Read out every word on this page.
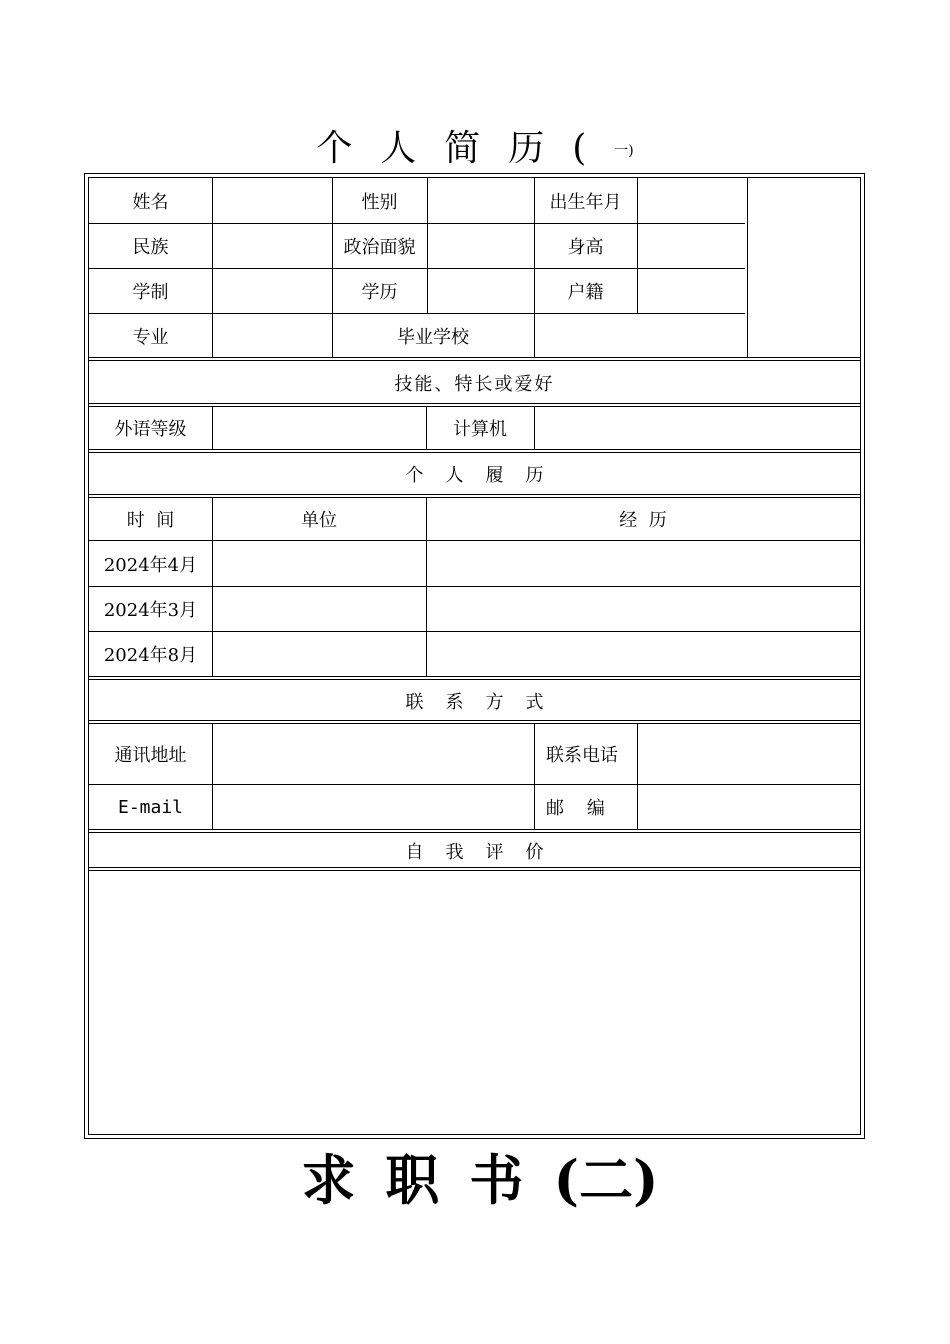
个人简历(一)
姓名	性别	出生年月
民族	政治面貌	身高
学制	学历	户籍
专业	毕业学校
技能、特长或爱好
外语等级	计算机
个人履历
时  间	单位	经  历
2024年4月
2024年3月
2024年8月
联系方式
通讯地址	联系电话
E-mail	邮    编
自我评价
求职书(二)
